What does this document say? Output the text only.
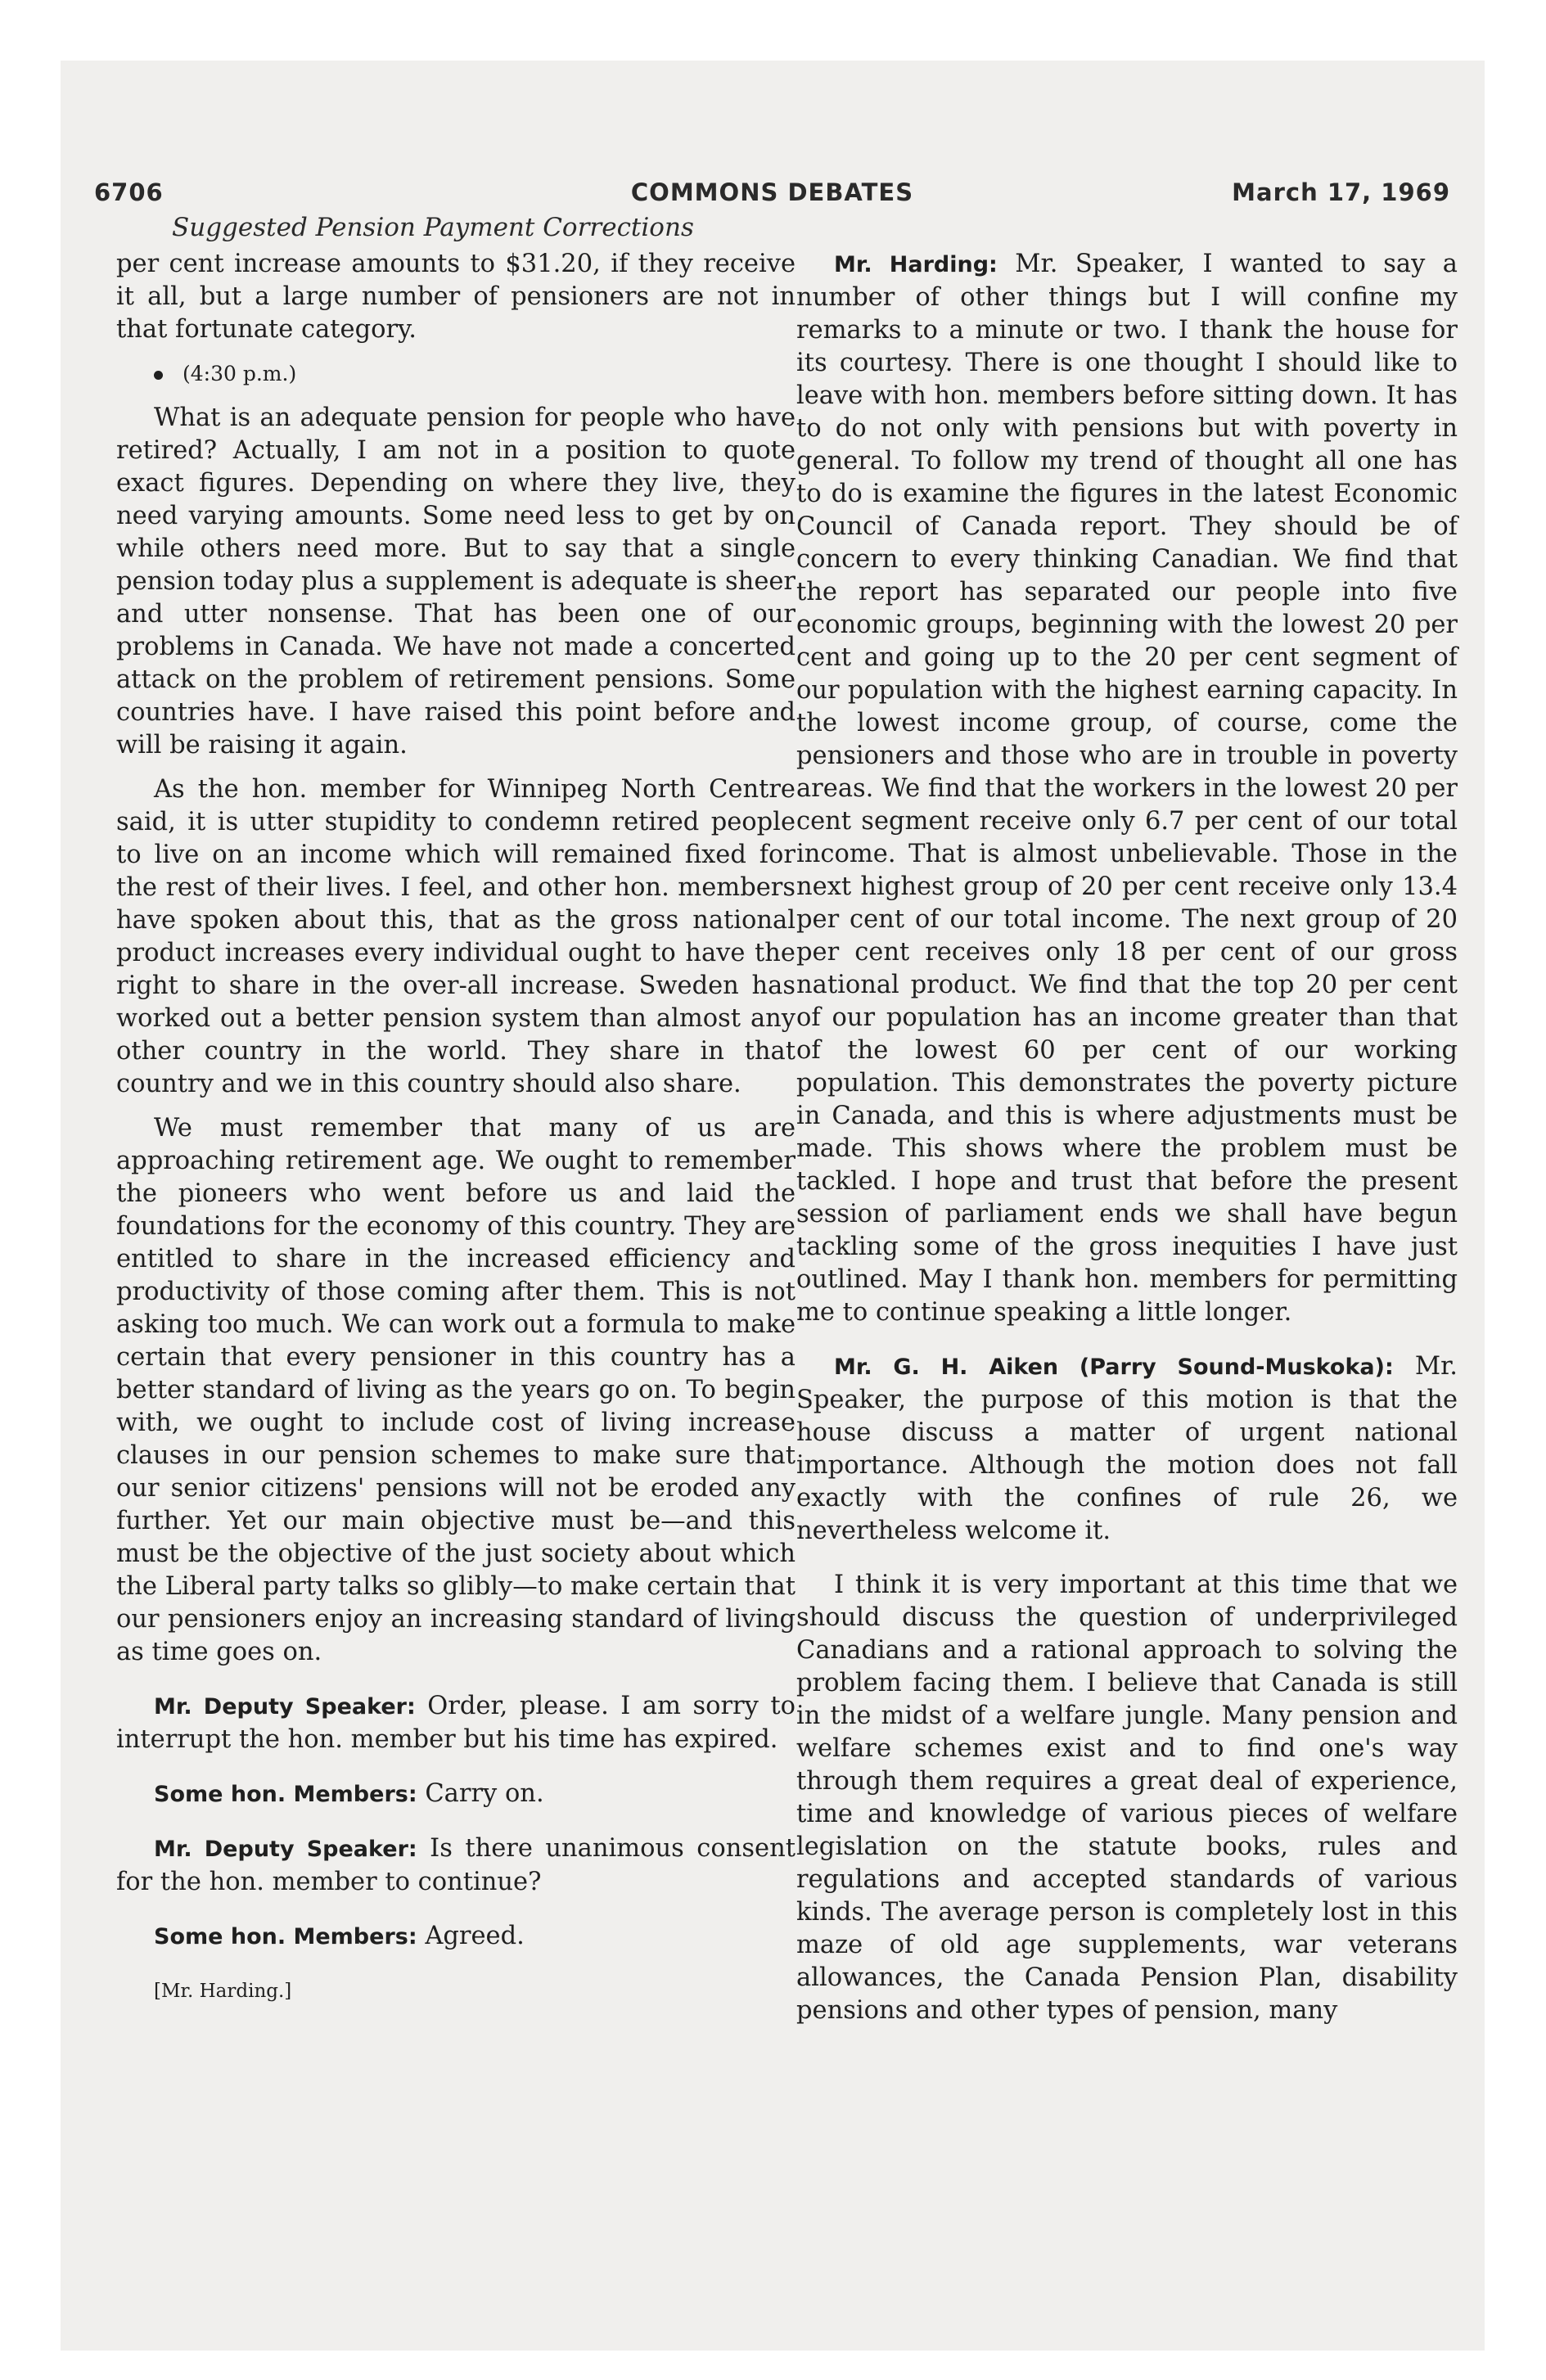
6706	COMMONS DEBATES	March 17, 1969
Suggested Pension Payment Corrections

per cent increase amounts to $31.20, if they receive it all, but a large number of pensioners are not in that fortunate category.

(4:30 p.m.)

What is an adequate pension for people who have retired? Actually, I am not in a position to quote exact figures. Depending on where they live, they need varying amounts. Some need less to get by on while others need more. But to say that a single pension today plus a supplement is adequate is sheer and utter nonsense. That has been one of our problems in Canada. We have not made a concerted attack on the problem of retirement pensions. Some countries have. I have raised this point before and will be raising it again.

As the hon. member for Winnipeg North Centre said, it is utter stupidity to condemn retired people to live on an income which will remained fixed for the rest of their lives. I feel, and other hon. members have spoken about this, that as the gross national product increases every individual ought to have the right to share in the over-all increase. Sweden has worked out a better pension system than almost any other country in the world. They share in that country and we in this country should also share.

We must remember that many of us are approaching retirement age. We ought to remember the pioneers who went before us and laid the foundations for the economy of this country. They are entitled to share in the increased efficiency and productivity of those coming after them. This is not asking too much. We can work out a formula to make certain that every pensioner in this country has a better standard of living as the years go on. To begin with, we ought to include cost of living increase clauses in our pension schemes to make sure that our senior citizens' pensions will not be eroded any further. Yet our main objective must be—and this must be the objective of the just society about which the Liberal party talks so glibly—to make certain that our pensioners enjoy an increasing standard of living as time goes on.

Mr. Deputy Speaker: Order, please. I am sorry to interrupt the hon. member but his time has expired.

Some hon. Members: Carry on.

Mr. Deputy Speaker: Is there unanimous consent for the hon. member to continue?

Some hon. Members: Agreed.

[Mr. Harding.]

Mr. Harding: Mr. Speaker, I wanted to say a number of other things but I will confine my remarks to a minute or two. I thank the house for its courtesy. There is one thought I should like to leave with hon. members before sitting down. It has to do not only with pensions but with poverty in general. To follow my trend of thought all one has to do is examine the figures in the latest Economic Council of Canada report. They should be of concern to every thinking Canadian. We find that the report has separated our people into five economic groups, beginning with the lowest 20 per cent and going up to the 20 per cent segment of our population with the highest earning capacity. In the lowest income group, of course, come the pensioners and those who are in trouble in poverty areas. We find that the workers in the lowest 20 per cent segment receive only 6.7 per cent of our total income. That is almost unbelievable. Those in the next highest group of 20 per cent receive only 13.4 per cent of our total income. The next group of 20 per cent receives only 18 per cent of our gross national product. We find that the top 20 per cent of our population has an income greater than that of the lowest 60 per cent of our working population. This demonstrates the poverty picture in Canada, and this is where adjustments must be made. This shows where the problem must be tackled. I hope and trust that before the present session of parliament ends we shall have begun tackling some of the gross inequities I have just outlined. May I thank hon. members for permitting me to continue speaking a little longer.

Mr. G. H. Aiken (Parry Sound-Muskoka): Mr. Speaker, the purpose of this motion is that the house discuss a matter of urgent national importance. Although the motion does not fall exactly with the confines of rule 26, we nevertheless welcome it.

I think it is very important at this time that we should discuss the question of underprivileged Canadians and a rational approach to solving the problem facing them. I believe that Canada is still in the midst of a welfare jungle. Many pension and welfare schemes exist and to find one's way through them requires a great deal of experience, time and knowledge of various pieces of welfare legislation on the statute books, rules and regulations and accepted standards of various kinds. The average person is completely lost in this maze of old age supplements, war veterans allowances, the Canada Pension Plan, disability pensions and other types of pension, many
